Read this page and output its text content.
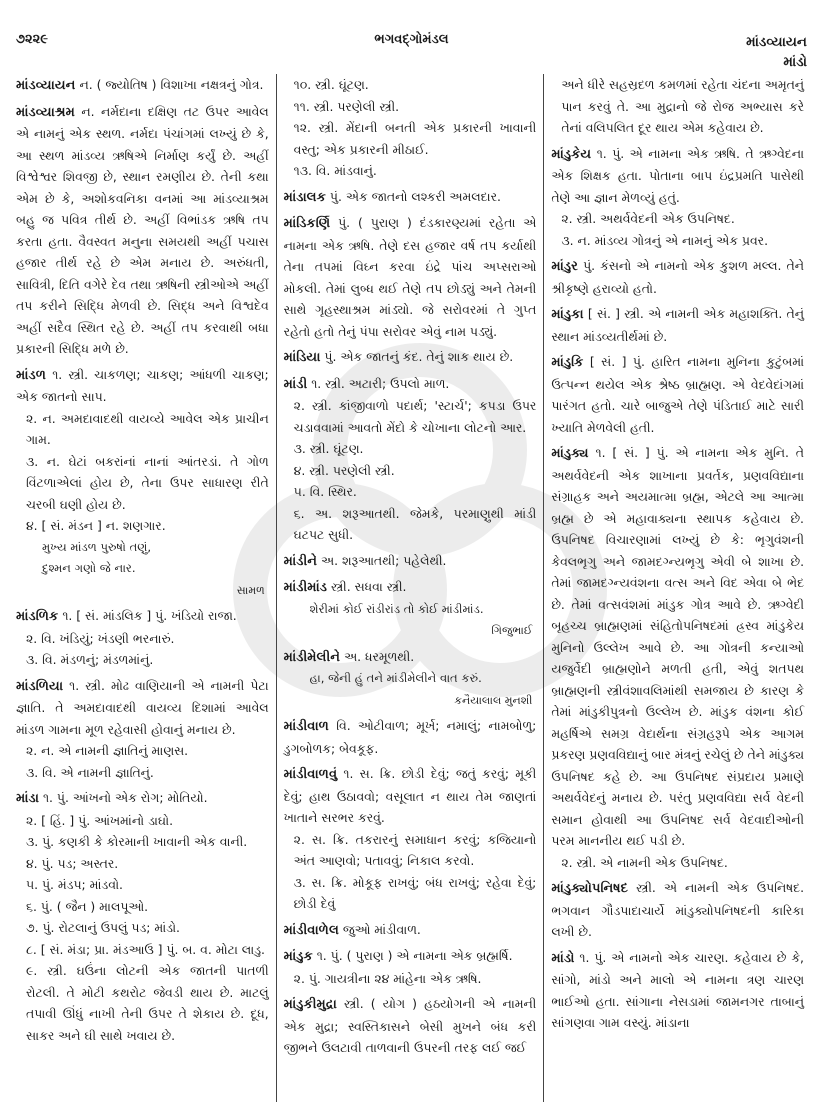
૭૨૨૯	ભગવદ્ગોમંડલ	માંડવ્યાયન
માંડો
માંડવ્યાયન ન. ( જ્યોતિષ ) વિશાખા નક્ષત્રનું ગોત્ર.
માંડવ્યાશ્રમ ન. નર્મદાના દક્ષિણ તટ ઉપર આવેલ એ નામનું એક સ્થળ. નર્મદા પંચાંગમાં લખ્યું છે કે, આ સ્થળ માંડવ્ય ઋષિએ નિર્માણ કર્યું છે. અહીં વિશ્વેશ્વર શિવજી છે, સ્થાન રમણીય છે. તેની કથા એમ છે કે, અશોકવનિકા વનમાં આ માંડવ્યાશ્રમ બહુ જ પવિત્ર તીર્થ છે. અહીં વિભાંડક ઋષિ તપ કરતા હતા. વૈવસ્વત મનુના સમયથી અહીં પચાસ હજાર તીર્થ રહે છે એમ મનાય છે. અરુંધતી, સાવિત્રી, દિતિ વગેરે દેવ તથા ઋષિની સ્ત્રીઓએ અહીં તપ કરીને સિદ્ધિ મેળવી છે. સિદ્ધ અને વિશ્વદેવ અહીં સદૈવ સ્થિત રહે છે. અહીં તપ કરવાથી બધા પ્રકારની સિદ્ધિ મળે છે.
માંડળ ૧. સ્ત્રી. ચાકળણ; ચાકણ; આંધળી ચાકણ; એક જાતનો સાપ.
૨. ન. અમદાવાદથી વાયવ્યે આવેલ એક પ્રાચીન ગામ.
૩. ન. ઘેટાં બકરાંનાં નાનાં આંતરડાં. તે ગોળ વિંટળાએલાં હોય છે, તેના ઉપર સાધારણ રીતે ચરબી ઘણી હોય છે.
૪. [ સં. મંડન ] ન. શણગાર.
મુખ્ય માંડળ પુરુષો તણું,
દુશ્મન ગણો જે નાર.
સામળ
માંડળિક ૧. [ સં. માંડલિક ] પું. ખંડિયો રાજા.
૨. વિ. ખંડિયું; ખંડણી ભરનારું.
૩. વિ. મંડળનું; મંડળમાંનું.
માંડળિયા ૧. સ્ત્રી. મોઢ વાણિયાની એ નામની પેટા જ્ઞાતિ. તે અમદાવાદથી વાયવ્ય દિશામાં આવેલ માંડળ ગામના મૂળ રહેવાસી હોવાનું મનાય છે.
૨. ન. એ નામની જ્ઞાતિનું માણસ.
૩. વિ. એ નામની જ્ઞાતિનું.
માંડા ૧. પું. આંખનો એક રોગ; મોતિયો.
૨. [ હિં. ] પું. આંખમાંનો ડાઘો.
૩. પું. કણકી કે કોરમાની ખાવાની એક વાની.
૪. પું. પડ; અસ્તર.
૫. પું. મંડપ; માંડવો.
૬. પું. ( જૈન ) માલપૂઓ.
૭. પું. રોટલાનું ઉપલું પડ; માંડો.
૮. [ સં. મંડા; પ્રા. મંડઆઉ ] પું. બ. વ. મોટા લાડુ.
૯. સ્ત્રી. ઘઉંના લોટની એક જાતની પાતળી રોટલી. તે મોટી કથરોટ જેવડી થાય છે. માટલું તપાવી ઊંધું નાખી તેની ઉપર તે શેકાય છે. દૂધ, સાકર અને ઘી સાથે ખવાય છે.
૧૦. સ્ત્રી. ઘૂંટણ.
૧૧. સ્ત્રી. પરણેલી સ્ત્રી.
૧૨. સ્ત્રી. મેંદાની બનતી એક પ્રકારની ખાવાની વસ્તુ; એક પ્રકારની મીઠાઈ.
૧૩. વિ. માંડવાનું.
માંડાલક પું. એક જાતનો લશ્કરી અમલદાર.
માંડિકર્ણિ પું. ( પુરાણ ) દંડકારણ્યમાં રહેતા એ નામના એક ઋષિ. તેણે દસ હજાર વર્ષ તપ કર્યાથી તેના તપમાં વિઘ્ન કરવા ઇંદ્રે પાંચ અપ્સરાઓ મોકલી. તેમાં લુબ્ધ થઈ તેણે તપ છોડ્યું અને તેમની સાથે ગૃહસ્થાશ્રમ માંડ્યો. જે સરોવરમાં તે ગુપ્ત રહેતો હતો તેનું પંપા સરોવર એવું નામ પડ્યું.
માંડિયા પું. એક જાતનું કંદ. તેનું શાક થાય છે.
માંડી ૧. સ્ત્રી. અટારી; ઉપલો માળ.
૨. સ્ત્રી. કાંજીવાળો પદાર્થ; 'સ્ટાર્ચ'; કપડા ઉપર ચડાવવામાં આવતો મેંદો કે ચોખાના લોટનો આર.
૩. સ્ત્રી. ઘૂંટણ.
૪. સ્ત્રી. પરણેલી સ્ત્રી.
૫. વિ. સ્થિર.
૬. અ. શરૂઆતથી. જેમકે, પરમાણુથી માંડી ઘટપટ સુધી.
માંડીને અ. શરૂઆતથી; પહેલેથી.
માંડીમાંડ સ્ત્રી. સધવા સ્ત્રી.
શેરીમાં કોઈ રાંડીરાંડ તો કોઈ માંડીમાંડ.
ગિજુભાઈ
માંડીમેલીને અ. ધરમૂળથી.
હા, જેની હું તને માંડીમેલીને વાત કરું.
કનૈયાલાલ મુનશી
માંડીવાળ વિ. ઓટીવાળ; મૂર્ખ; નમાલું; નામબોળુ; ડુગબોળક; બેવકૂફ.
માંડીવાળવું ૧. સ. ક્રિ. છોડી દેવું; જતું કરવું; મૂકી દેવું; હાથ ઉઠાવવો; વસૂલાત ન થાય તેમ જાણતાં ખાતાને સરભર કરવું.
૨. સ. ક્રિ. તકરારનું સમાધાન કરવું; કજિયાનો અંત આણવો; પતાવવું; નિકાલ કરવો.
૩. સ. ક્રિ. મોકૂફ રાખવું; બંધ રાખવું; રહેવા દેવું; છોડી દેવું
માંડીવાળેલ જુઓ માંડીવાળ.
માંડુક ૧. પું. ( પુરાણ ) એ નામના એક બ્રહ્મર્ષિ.
૨. પું. ગાયત્રીના ૨૪ માંહેના એક ઋષિ.
માંડુકીમુદ્રા સ્ત્રી. ( યોગ ) હઠયોગની એ નામની એક મુદ્રા; સ્વસ્તિકાસને બેસી મુખને બંધ કરી જીભને ઉલટાવી તાળવાની ઉપરની તરફ લઈ જઈ
અને ધીરે સહસ્રદળ કમળમાં રહેતા ચંદના અમૃતનું પાન કરવું તે. આ મુદ્રાનો જે રોજ અભ્યાસ કરે તેનાં વલિપલિત દૂર થાય એમ કહેવાય છે.
માંડુકેય ૧. પું. એ નામના એક ઋષિ. તે ઋગ્વેદના એક શિક્ષક હતા. પોતાના બાપ ઇંદ્રપ્રમતિ પાસેથી તેણે આ જ્ઞાન મેળવ્યું હતું.
૨. સ્ત્રી. અથર્વવેદની એક ઉપનિષદ.
૩. ન. માંડવ્ય ગોત્રનું એ નામનું એક પ્રવર.
માંડુર પું. કંસનો એ નામનો એક કુશળ મલ્લ. તેને શ્રીકૃષ્ણે હરાવ્યો હતો.
માંડુકા [ સં. ] સ્ત્રી. એ નામની એક મહાશક્તિ. તેનું સ્થાન માંડવ્યતીર્થમાં છે.
માંડુકિ [ સં. ] પું. હારિત નામના મુનિના કુટુંબમાં ઉત્પન્ન થયેલ એક શ્રેષ્ઠ બ્રાહ્મણ. એ વેદવેદાંગમાં પારંગત હતો. ચારે બાજુએ તેણે પંડિતાઈ માટે સારી ખ્યાતિ મેળવેલી હતી.
માંડુક્ય ૧. [ સં. ] પું. એ નામના એક મુનિ. તે અથર્વવેદની એક શાખાના પ્રવર્તક, પ્રણવવિદ્યાના સંગ્રાહક અને અયમાત્મા બ્રહ્મ, એટલે આ આત્મા બ્રહ્મ છે એ મહાવાક્યના સ્થાપક કહેવાય છે. ઉપનિષદ વિચારણામાં લખ્યું છે કે: ભૃગુવંશની કેવલભૃગુ અને જામદગ્ન્યભૃગુ એવી બે શાખા છે. તેમાં જામદગ્ન્યવંશના વત્સ અને વિદ એવા બે ભેદ છે. તેમાં વત્સવંશમાં માંડુક ગોત્ર આવે છે. ઋગ્વેદી બૃહચ્ચ બ્રાહ્મણમાં સંહિતોપનિષદમાં હ્રસ્વ માંડુકેય મુનિનો ઉલ્લેખ આવે છે. આ ગોત્રની કન્યાઓ યજુર્વેદી બ્રાહ્મણોને મળતી હતી, એવું શતપથ બ્રાહ્મણની સ્ત્રીવંશાવલિમાંથી સમજાય છે કારણ કે તેમાં માંડુકીપુત્રનો ઉલ્લેખ છે. માંડુક વંશના કોઈ મહર્ષિએ સમગ્ર વેદાર્થના સંગ્રહરૂપે એક આગમ પ્રકરણ પ્રણવવિદ્યાનું બાર મંત્રનું રચેલું છે તેને માંડુક્ય ઉપનિષદ કહે છે. આ ઉપનિષદ સંપ્રદાય પ્રમાણે અથર્વવેદનું મનાય છે. પરંતુ પ્રણવવિદ્યા સર્વ વેદની સમાન હોવાથી આ ઉપનિષદ સર્વ વેદવાદીઓની પરમ માનનીય થઈ પડી છે.
૨. સ્ત્રી. એ નામની એક ઉપનિષદ.
માંડુક્યોપનિષદ સ્ત્રી. એ નામની એક ઉપનિષદ. ભગવાન ગૌડપાદાચાર્યે માંડુક્યોપનિષદની કારિકા લખી છે.
માંડો ૧. પું. એ નામનો એક ચારણ. કહેવાય છે કે, સાંગો, માંડો અને માલો એ નામના ત્રણ ચારણ ભાઈઓ હતા. સાંગાના નેસડામાં જામનગર તાબાનું સાંગણવા ગામ વસ્યું. માંડાના
